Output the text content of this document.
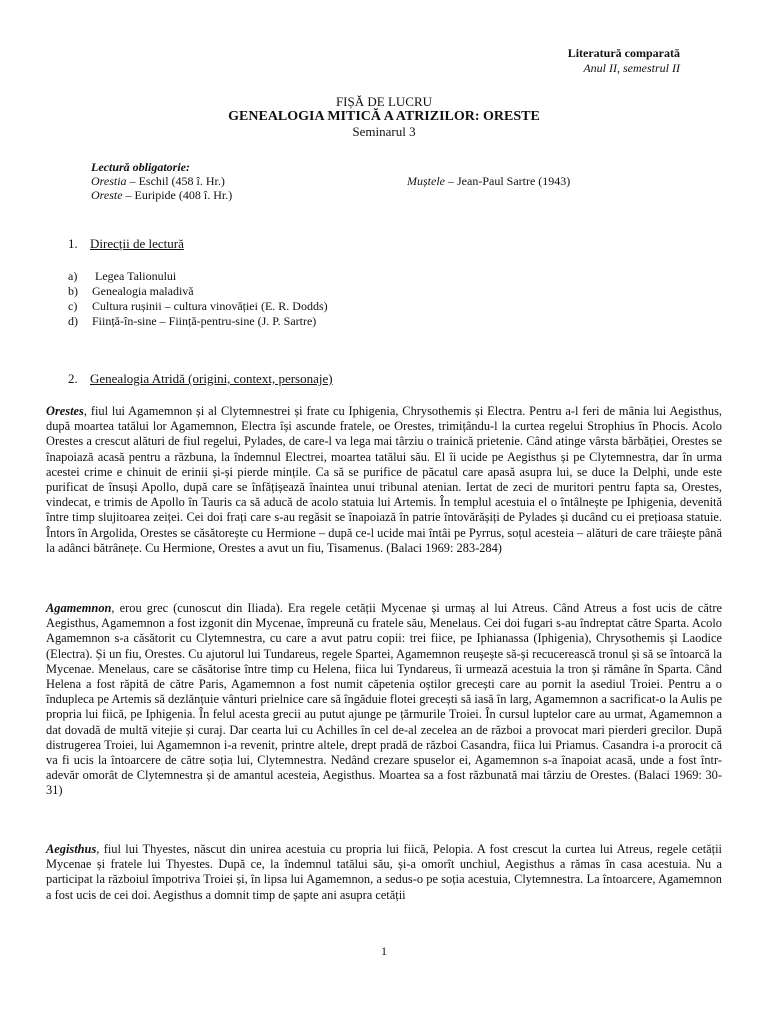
Literatură comparată
Anul II, semestrul II
FIȘĂ DE LUCRU
GENEALOGIA MITICĂ A ATRIZILOR: ORESTE
Seminarul 3
Lectură obligatorie:
Orestia – Eschil (458 î. Hr.)	Muștele – Jean-Paul Sartre (1943)
Oreste – Euripide (408 î. Hr.)
1. Direcții de lectură
a) Legea Talionului
b) Genealogia maladivă
c) Cultura rușinii – cultura vinovăției (E. R. Dodds)
d) Ființă-în-sine – Ființă-pentru-sine (J. P. Sartre)
2. Genealogia Atridă (origini, context, personaje)

Orestes, fiul lui Agamemnon și al Clytemnestrei și frate cu Iphigenia, Chrysothemis și Electra. Pentru a-l feri de mânia lui Aegisthus, după moartea tatălui lor Agamemnon, Electra își ascunde fratele, oe Orestes, trimițându-l la curtea regelui Strophius în Phocis. Acolo Orestes a crescut alături de fiul regelui, Pylades, de care-l va lega mai târziu o trainică prietenie. Când atinge vârsta bărbăției, Orestes se înapoiază acasă pentru a răzbuna, la îndemnul Electrei, moartea tatălui său. El îi ucide pe Aegisthus și pe Clytemnestra, dar în urma acestei crime e chinuit de erinii și-și pierde mințile. Ca să se purifice de păcatul care apasă asupra lui, se duce la Delphi, unde este purificat de însuși Apollo, după care se înfățișează înaintea unui tribunal atenian. Iertat de zeci de muritori pentru fapta sa, Orestes, vindecat, e trimis de Apollo în Tauris ca să aducă de acolo statuia lui Artemis. În templul acestuia el o întâlnește pe Iphigenia, devenită între timp slujitoarea zeiței. Cei doi frați care s-au regăsit se înapoiază în patrie întovărășiți de Pylades și ducând cu ei prețioasa statuie. Întors în Argolida, Orestes se căsătorește cu Hermione – după ce-l ucide mai întâi pe Pyrrus, soțul acesteia – alături de care trăiește până la adânci bătrânețe. Cu Hermione, Orestes a avut un fiu, Tisamenus. (Balaci 1969: 283-284)

Agamemnon, erou grec (cunoscut din Iliada). Era regele cetății Mycenae și urmaș al lui Atreus. Când Atreus a fost ucis de către Aegisthus, Agamemnon a fost izgonit din Mycenae, împreună cu fratele său, Menelaus. Cei doi fugari s-au îndreptat către Sparta. Acolo Agamemnon s-a căsătorit cu Clytemnestra, cu care a avut patru copii: trei fiice, pe Iphianassa (Iphigenia), Chrysothemis și Laodice (Electra). Și un fiu, Orestes. Cu ajutorul lui Tundareus, regele Spartei, Agamemnon reușește să-și recucerească tronul și să se întoarcă la Mycenae. Menelaus, care se căsătorise între timp cu Helena, fiica lui Tyndareus, îi urmează acestuia la tron și rămâne în Sparta. Când Helena a fost răpită de către Paris, Agamemnon a fost numit căpetenia oștilor grecești care au pornit la asediul Troiei. Pentru a o îndupleca pe Artemis să dezlănțuie vânturi prielnice care să îngăduie flotei grecești să iasă în larg, Agamemnon a sacrificat-o la Aulis pe propria lui fiică, pe Iphigenia. În felul acesta grecii au putut ajunge pe țărmurile Troiei. În cursul luptelor care au urmat, Agamemnon a dat dovadă de multă vitejie și curaj. Dar cearta lui cu Achilles în cel de-al zecelea an de război a provocat mari pierderi grecilor. După distrugerea Troiei, lui Agamemnon i-a revenit, printre altele, drept pradă de război Casandra, fiica lui Priamus. Casandra i-a prorocit că va fi ucis la întoarcere de către soția lui, Clytemnestra. Nedând crezare spuselor ei, Agamemnon s-a înapoiat acasă, unde a fost într-adevăr omorât de Clytemnestra și de amantul acesteia, Aegisthus. Moartea sa a fost răzbunată mai târziu de Orestes. (Balaci 1969: 30-31)

Aegisthus, fiul lui Thyestes, născut din unirea acestuia cu propria lui fiică, Pelopia. A fost crescut la curtea lui Atreus, regele cetății Mycenae și fratele lui Thyestes. După ce, la îndemnul tatălui său, și-a omorît unchiul, Aegisthus a rămas în casa acestuia. Nu a participat la războiul împotriva Troiei și, în lipsa lui Agamemnon, a sedus-o pe soția acestuia, Clytemnestra. La întoarcere, Agamemnon a fost ucis de cei doi. Aegisthus a domnit timp de șapte ani asupra cetății

1
